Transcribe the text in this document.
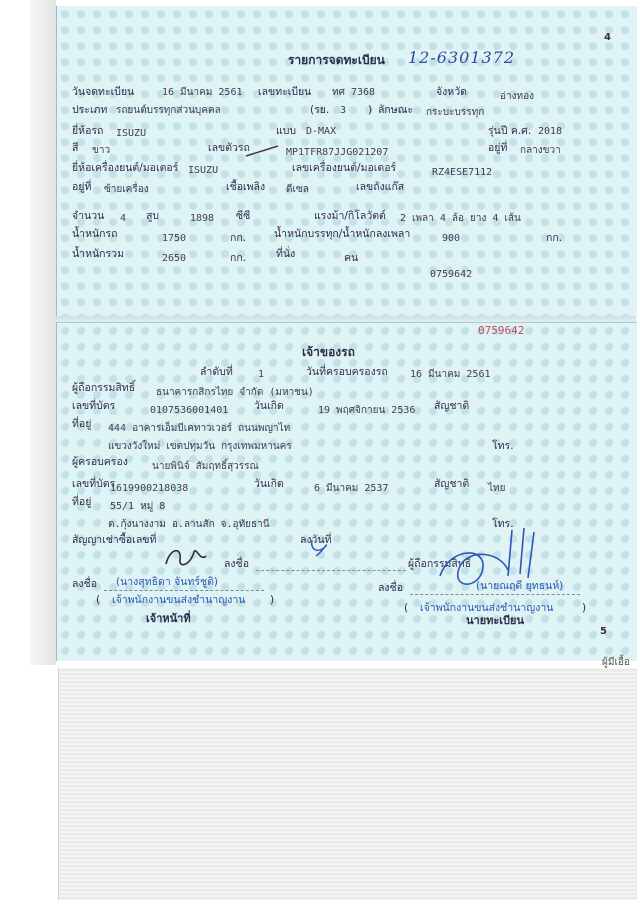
4
รายการจดทะเบียน 12-6301372
วันจดทะเบียน	16 มีนาคม 2561 เลขทะเบียน ทศ 7368	จังหวัด	อ่างทอง
ประเภท รถยนต์บรรทุกส่วนบุคคล	(รย. 3 ) ลักษณะ กระบะบรรทุก
ยี่ห้อรถ ISUZU	แบบ D-MAX	รุ่นปี ค.ศ. 2018
สี ขาว	เลขตัวรถ	MP1TFR87JJG021207	อยู่ที่ กลางขวา
ยี่ห้อเครื่องยนต์/มอเตอร์ ISUZU	เลขเครื่องยนต์/มอเตอร์	RZ4ESE7112
อยู่ที่ ซ้ายเครื่อง	เชื้อเพลิง ดีเซล	เลขถังแก๊ส
จำนวน 4 สูบ	1898 ซีซี	แรงม้า/กิโลวัตต์ 2 เพลา 4 ล้อ ยาง 4 เส้น
น้ำหนักรถ	1750	กก.	น้ำหนักบรรทุก/น้ำหนักลงเพลา	900	กก.
น้ำหนักรวม	2650	กก.	ที่นั่ง	คน
0759642
0759642
เจ้าของรถ
ลำดับที่	1	วันที่ครอบครองรถ 16 มีนาคม 2561
ผู้ถือกรรมสิทธิ์ ธนาคารกสิกรไทย จำกัด (มหาชน)
เลขที่บัตร	0107536001401 วันเกิด	19 พฤศจิกายน 2536 สัญชาติ
ที่อยู่ 444 อาคารเอ็มบีเคทาวเวอร์ ถนนพญาไท
แขวงวังใหม่ เขตปทุมวัน กรุงเทพมหานคร	โทร.
ผู้ครอบครอง นายพินิจ์ สัมฤทธิ์สุวรรณ
เลขที่บัตร
1619900218038	วันเกิด	6 มีนาคม 2537	สัญชาติ ไทย
ที่อยู่ 55/1 หมู่ 8
ต.กุ้งนางงาม อ.ลานสัก จ.อุทัยธานี	โทร.
สัญญาเช่าซื้อเลขที่	ลงวันที่
ลงชื่อ	ผู้ถือกรรมสิทธิ์
ลงชื่อ (นางสุทธิดา จันทร์ชูติ)
( เจ้าพนักงานขนส่งชำนาญงาน )
เจ้าหน้าที่
ลงชื่อ	(นายณฤดี ยุทธนห์)
( เจ้าพนักงานขนส่งชำนาญงาน	)
นายทะเบียน
5
ผู้มีเอื้อ
